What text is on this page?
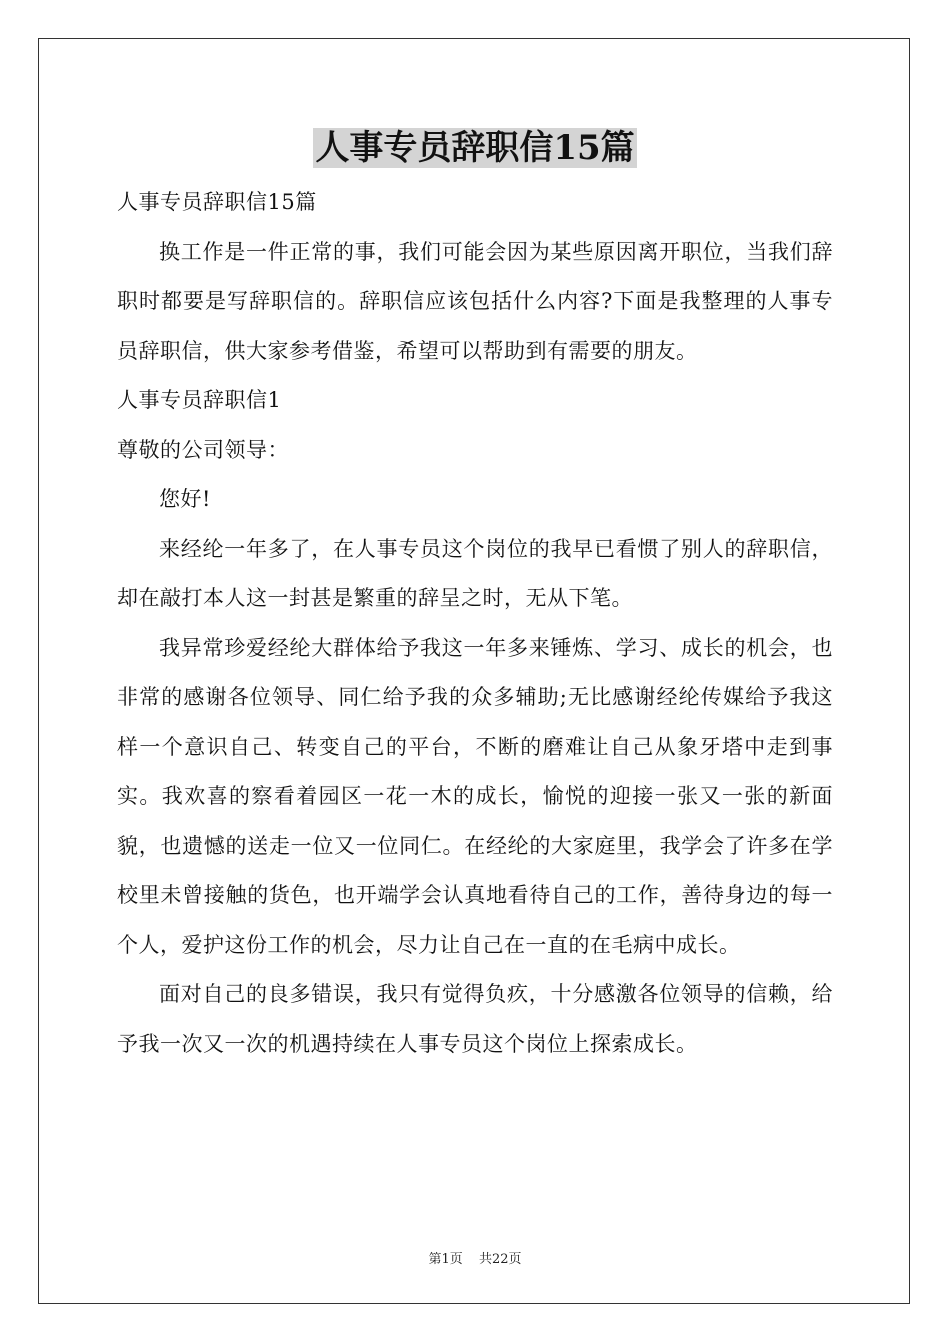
人事专员辞职信15篇

人事专员辞职信15篇

换工作是一件正常的事，我们可能会因为某些原因离开职位，当我们辞职时都要是写辞职信的。辞职信应该包括什么内容?下面是我整理的人事专员辞职信，供大家参考借鉴，希望可以帮助到有需要的朋友。

人事专员辞职信1

尊敬的公司领导：

您好!

来经纶一年多了，在人事专员这个岗位的我早已看惯了别人的辞职信，却在敲打本人这一封甚是繁重的辞呈之时，无从下笔。

我异常珍爱经纶大群体给予我这一年多来锤炼、学习、成长的机会，也非常的感谢各位领导、同仁给予我的众多辅助;无比感谢经纶传媒给予我这样一个意识自己、转变自己的平台，不断的磨难让自己从象牙塔中走到事实。我欢喜的察看着园区一花一木的成长，愉悦的迎接一张又一张的新面貌，也遗憾的送走一位又一位同仁。在经纶的大家庭里，我学会了许多在学校里未曾接触的货色，也开端学会认真地看待自己的工作，善待身边的每一个人，爱护这份工作的机会，尽力让自己在一直的在毛病中成长。

面对自己的良多错误，我只有觉得负疚，十分感激各位领导的信赖，给予我一次又一次的机遇持续在人事专员这个岗位上探索成长。

第1页 共22页
